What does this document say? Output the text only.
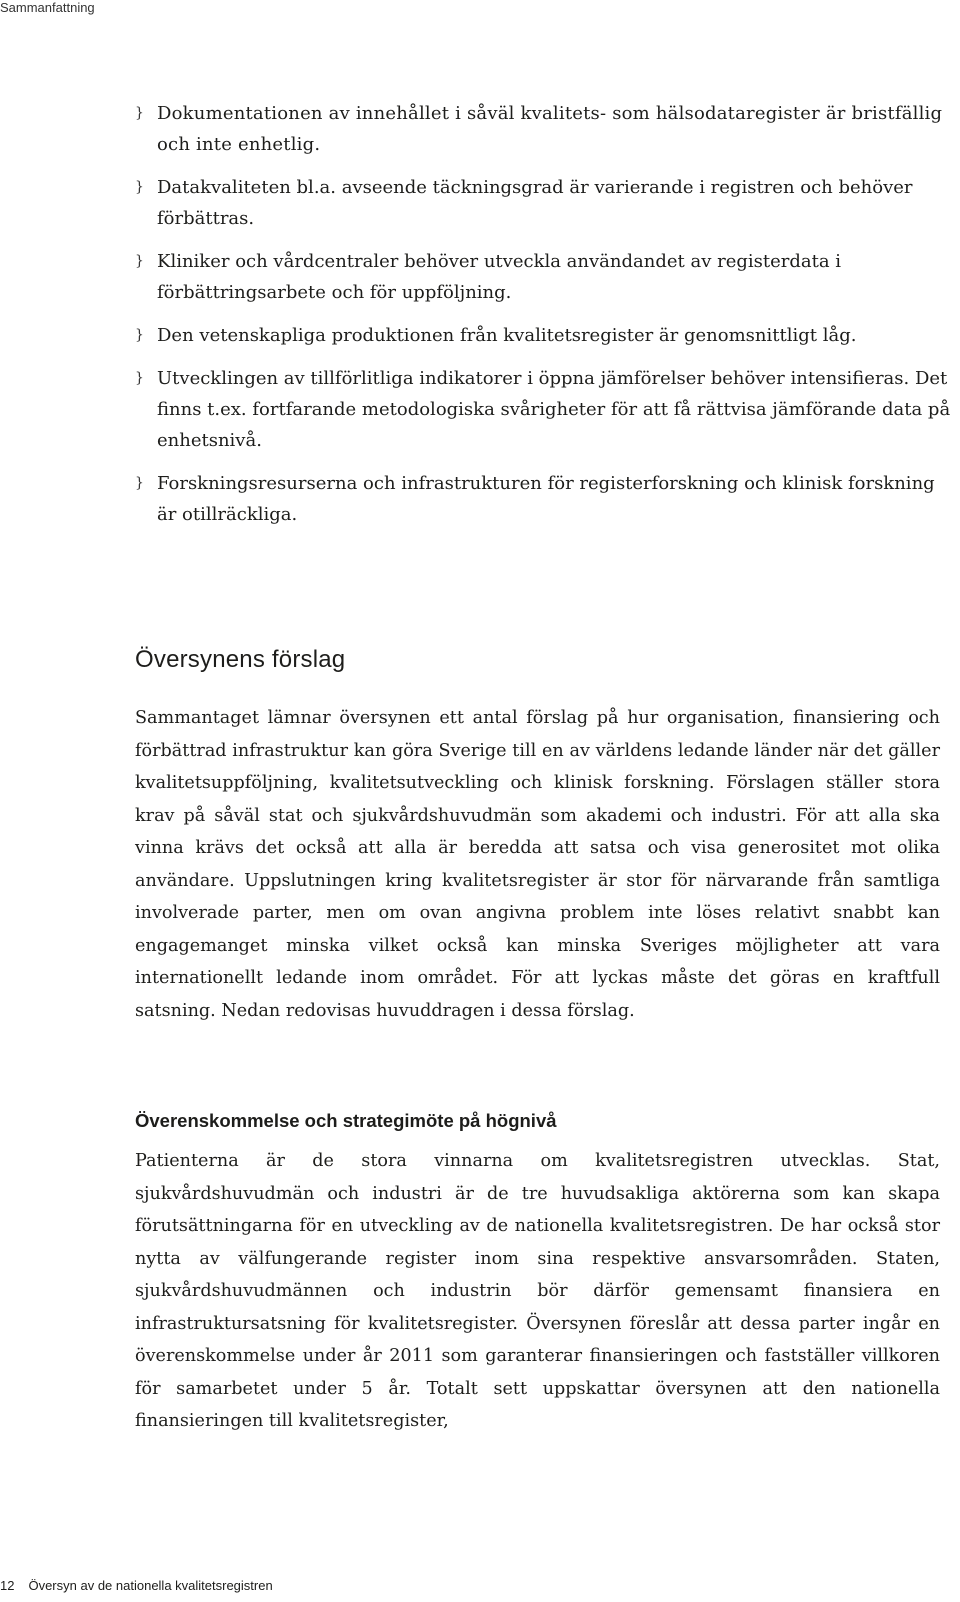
Sammanfattning
} Dokumentationen av innehållet i såväl kvalitets- som hälsodataregister är bristfällig och inte enhetlig.
} Datakvaliteten bl.a. avseende täckningsgrad är varierande i registren och behöver förbättras.
} Kliniker och vårdcentraler behöver utveckla användandet av registerdata i förbättringsarbete och för uppföljning.
} Den vetenskapliga produktionen från kvalitetsregister är genomsnittligt låg.
} Utvecklingen av tillförlitliga indikatorer i öppna jämförelser behöver intensifieras. Det finns t.ex. fortfarande metodologiska svårigheter för att få rättvisa jämförande data på enhetsnivå.
} Forskningsresurserna och infrastrukturen för registerforskning och klinisk forskning är otillräckliga.
Översynens förslag

Sammantaget lämnar översynen ett antal förslag på hur organisation, finansiering och förbättrad infrastruktur kan göra Sverige till en av världens ledande länder när det gäller kvalitetsuppföljning, kvalitetsutveckling och klinisk forskning. Förslagen ställer stora krav på såväl stat och sjukvårdshuvudmän som akademi och industri. För att alla ska vinna krävs det också att alla är beredda att satsa och visa generositet mot olika användare. Uppslutningen kring kvalitetsregister är stor för närvarande från samtliga involverade parter, men om ovan angivna problem inte löses relativt snabbt kan engagemanget minska vilket också kan minska Sveriges möjligheter att vara internationellt ledande inom området. För att lyckas måste det göras en kraftfull satsning. Nedan redovisas huvuddragen i dessa förslag.

Överenskommelse och strategimöte på högnivå

Patienterna är de stora vinnarna om kvalitetsregistren utvecklas. Stat, sjukvårdshuvudmän och industri är de tre huvudsakliga aktörerna som kan skapa förutsättningarna för en utveckling av de nationella kvalitetsregistren. De har också stor nytta av välfungerande register inom sina respektive ansvarsområden. Staten, sjukvårdshuvudmännen och industrin bör därför gemensamt finansiera en infrastruktursatsning för kvalitetsregister. Översynen föreslår att dessa parter ingår en överenskommelse under år 2011 som garanterar finansieringen och fastställer villkoren för samarbetet under 5 år. Totalt sett uppskattar översynen att den nationella finansieringen till kvalitetsregister,

12 Översyn av de nationella kvalitetsregistren
